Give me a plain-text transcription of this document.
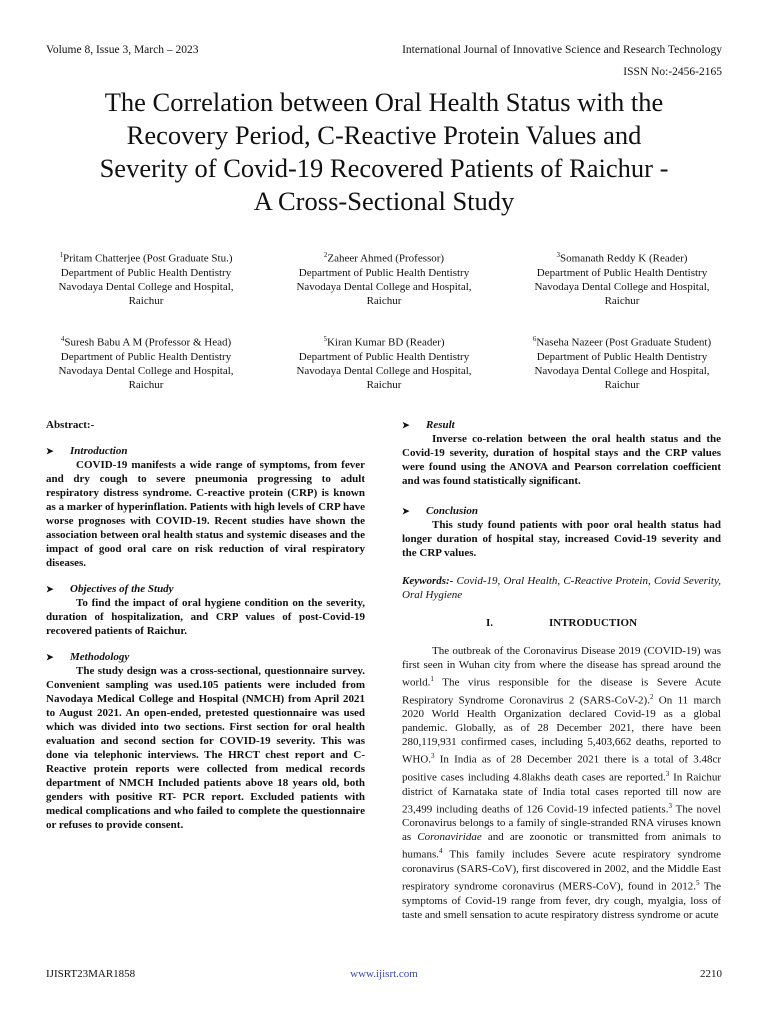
Volume 8, Issue 3, March – 2023	International Journal of Innovative Science and Research Technology
ISSN No:-2456-2165
The Correlation between Oral Health Status with the
Recovery Period, C-Reactive Protein Values and
Severity of Covid-19 Recovered Patients of Raichur -
A Cross-Sectional Study
$^1$Pritam Chatterjee (Post Graduate Stu.)
Department of Public Health Dentistry
Navodaya Dental College and Hospital,
Raichur
$^2$Zaheer Ahmed (Professor)
Department of Public Health Dentistry
Navodaya Dental College and Hospital,
Raichur
$^3$Somanath Reddy K (Reader)
Department of Public Health Dentistry
Navodaya Dental College and Hospital,
Raichur
$^4$Suresh Babu A M (Professor & Head)
Department of Public Health Dentistry
Navodaya Dental College and Hospital,
Raichur
$^5$Kiran Kumar BD (Reader)
Department of Public Health Dentistry
Navodaya Dental College and Hospital,
Raichur
$^6$Naseha Nazeer (Post Graduate Student)
Department of Public Health Dentistry
Navodaya Dental College and Hospital,
Raichur
Abstract:-
➤	Introduction

COVID-19 manifests a wide range of symptoms, from fever and dry cough to severe pneumonia progressing to adult respiratory distress syndrome. C-reactive protein (CRP) is known as a marker of hyperinflation. Patients with high levels of CRP have worse prognoses with COVID-19. Recent studies have shown the association between oral health status and systemic diseases and the impact of good oral care on risk reduction of viral respiratory diseases.

➤	Objectives of the Study

To find the impact of oral hygiene condition on the severity, duration of hospitalization, and CRP values of post-Covid-19 recovered patients of Raichur.

➤	Methodology

The study design was a cross-sectional, questionnaire survey. Convenient sampling was used.105 patients were included from Navodaya Medical College and Hospital (NMCH) from April 2021 to August 2021. An open-ended, pretested questionnaire was used which was divided into two sections. First section for oral health evaluation and second section for COVID-19 severity. This was done via telephonic interviews. The HRCT chest report and C-Reactive protein reports were collected from medical records department of NMCH Included patients above 18 years old, both genders with positive RT- PCR report. Excluded patients with medical complications and who failed to complete the questionnaire or refuses to provide consent.

➤	Result

Inverse co-relation between the oral health status and the Covid-19 severity, duration of hospital stays and the CRP values were found using the ANOVA and Pearson correlation coefficient and was found statistically significant.

➤	Conclusion

This study found patients with poor oral health status had longer duration of hospital stay, increased Covid-19 severity and the CRP values.

Keywords:- Covid-19, Oral Health, C-Reactive Protein, Covid Severity, Oral Hygiene

I.	INTRODUCTION

The outbreak of the Coronavirus Disease 2019 (COVID-19) was first seen in Wuhan city from where the disease has spread around the world.$^1$ The virus responsible for the disease is Severe Acute Respiratory Syndrome Coronavirus 2 (SARS-CoV-2).$^2$ On 11 march 2020 World Health Organization declared Covid-19 as a global pandemic. Globally, as of 28 December 2021, there have been 280,119,931 confirmed cases, including 5,403,662 deaths, reported to WHO.$^3$ In India as of 28 December 2021 there is a total of 3.48cr positive cases including 4.8lakhs death cases are reported.$^3$ In Raichur district of Karnataka state of India total cases reported till now are 23,499 including deaths of 126 Covid-19 infected patients.$^3$ The novel Coronavirus belongs to a family of single-stranded RNA viruses known as Coronaviridae and are zoonotic or transmitted from animals to humans.$^4$ This family includes Severe acute respiratory syndrome coronavirus (SARS-CoV), first discovered in 2002, and the Middle East respiratory syndrome coronavirus (MERS-CoV), found in 2012.$^5$ The symptoms of Covid-19 range from fever, dry cough, myalgia, loss of taste and smell sensation to acute respiratory distress syndrome or acute

IJISRT23MAR1858	www.ijisrt.com	2210
